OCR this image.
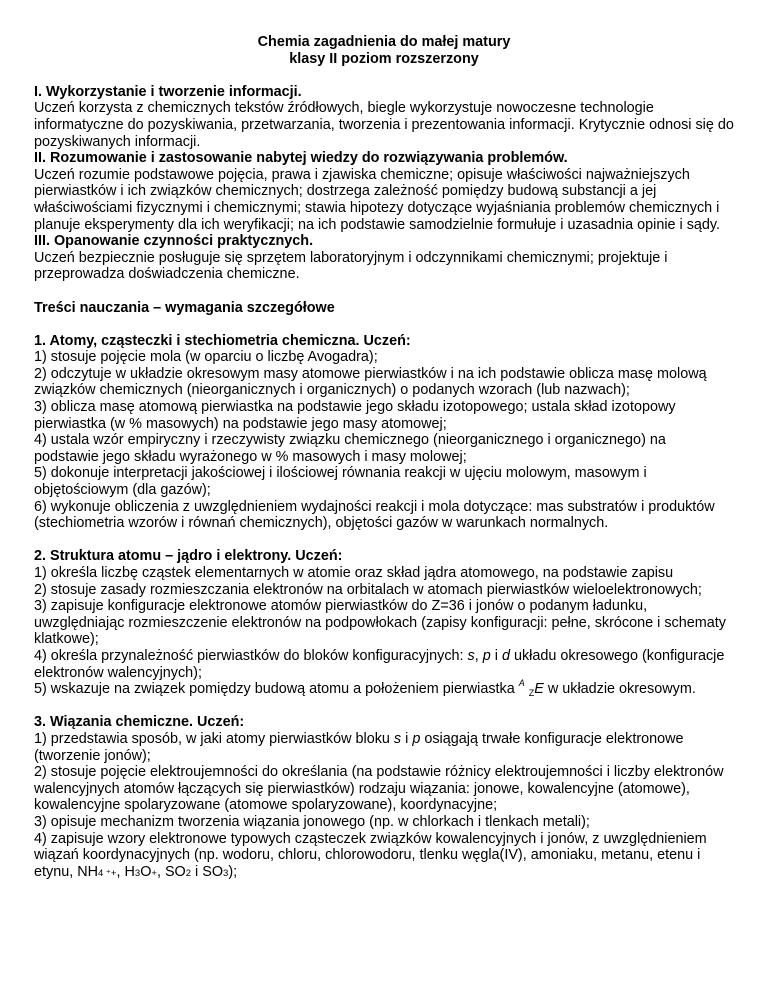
Chemia zagadnienia do małej matury

klasy II poziom rozszerzony

I. Wykorzystanie i tworzenie informacji.

Uczeń korzysta z chemicznych tekstów źródłowych, biegle wykorzystuje nowoczesne technologie informatyczne do pozyskiwania, przetwarzania, tworzenia i prezentowania informacji. Krytycznie odnosi się do pozyskiwanych informacji.

II. Rozumowanie i zastosowanie nabytej wiedzy do rozwiązywania problemów.

Uczeń rozumie podstawowe pojęcia, prawa i zjawiska chemiczne; opisuje właściwości najważniejszych pierwiastków i ich związków chemicznych; dostrzega zależność pomiędzy budową substancji a jej właściwościami fizycznymi i chemicznymi; stawia hipotezy dotyczące wyjaśniania problemów chemicznych i planuje eksperymenty dla ich weryfikacji; na ich podstawie samodzielnie formułuje i uzasadnia opinie i sądy.

III. Opanowanie czynności praktycznych.

Uczeń bezpiecznie posługuje się sprzętem laboratoryjnym i odczynnikami chemicznymi; projektuje i przeprowadza doświadczenia chemiczne.

Treści nauczania – wymagania szczegółowe

1. Atomy, cząsteczki i stechiometria chemiczna. Uczeń:

1) stosuje pojęcie mola (w oparciu o liczbę Avogadra);

2) odczytuje w układzie okresowym masy atomowe pierwiastków i na ich podstawie oblicza masę molową związków chemicznych (nieorganicznych i organicznych) o podanych wzorach (lub nazwach);

3) oblicza masę atomową pierwiastka na podstawie jego składu izotopowego; ustala skład izotopowy pierwiastka (w % masowych) na podstawie jego masy atomowej;

4) ustala wzór empiryczny i rzeczywisty związku chemicznego (nieorganicznego i organicznego) na podstawie jego składu wyrażonego w % masowych i masy molowej;

5) dokonuje interpretacji jakościowej i ilościowej równania reakcji w ujęciu molowym, masowym i objętościowym (dla gazów);

6) wykonuje obliczenia z uwzględnieniem wydajności reakcji i mola dotyczące: mas substratów i produktów (stechiometria wzorów i równań chemicznych), objętości gazów w warunkach normalnych.

2. Struktura atomu – jądro i elektrony. Uczeń:

1) określa liczbę cząstek elementarnych w atomie oraz skład jądra atomowego, na podstawie zapisu

2) stosuje zasady rozmieszczania elektronów na orbitalach w atomach pierwiastków wieloelektronowych;

3) zapisuje konfiguracje elektronowe atomów pierwiastków do Z=36 i jonów o podanym ładunku, uwzględniając rozmieszczenie elektronów na podpowłokach (zapisy konfiguracji: pełne, skrócone i schematy klatkowe);

4) określa przynależność pierwiastków do bloków konfiguracyjnych: s, p i d układu okresowego (konfiguracje elektronów walencyjnych);

5) wskazuje na związek pomiędzy budową atomu a położeniem pierwiastka $^A$ $_Z$E w układzie okresowym.

3. Wiązania chemiczne. Uczeń:

1) przedstawia sposób, w jaki atomy pierwiastków bloku s i p osiągają trwałe konfiguracje elektronowe (tworzenie jonów);

2) stosuje pojęcie elektroujemności do określania (na podstawie różnicy elektroujemności i liczby elektronów walencyjnych atomów łączących się pierwiastków) rodzaju wiązania: jonowe, kowalencyjne (atomowe), kowalencyjne spolaryzowane (atomowe spolaryzowane), koordynacyjne;

3) opisuje mechanizm tworzenia wiązania jonowego (np. w chlorkach i tlenkach metali);

4) zapisuje wzory elektronowe typowych cząsteczek związków kowalencyjnych i jonów, z uwzględnieniem wiązań koordynacyjnych (np. wodoru, chloru, chlorowodoru, tlenku węgla(IV), amoniaku, metanu, etenu i etynu, NH4 ⁺+, H3O+, SO2 i SO3);
